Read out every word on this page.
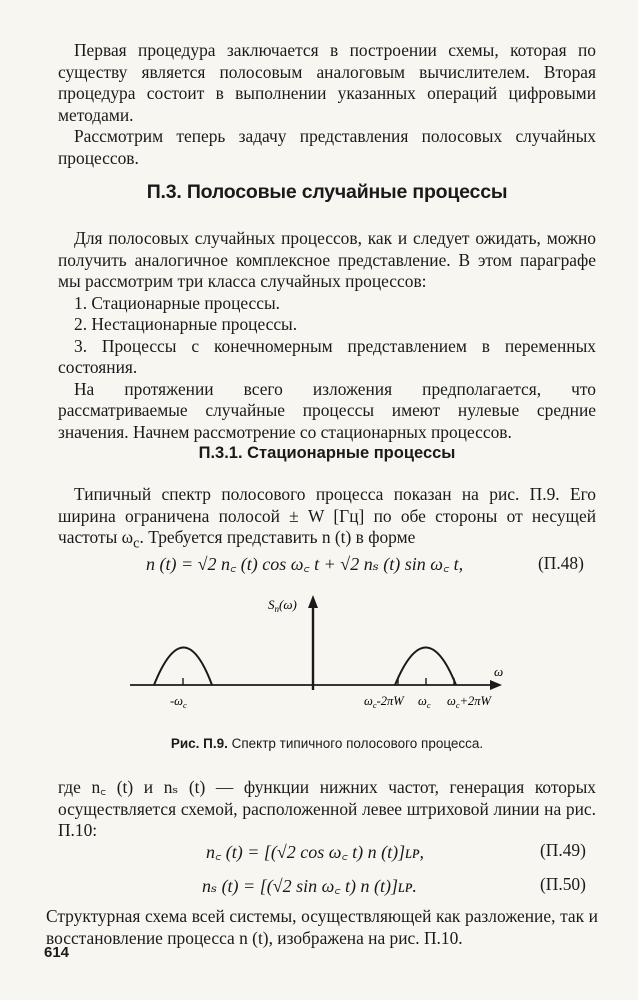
Первая процедура заключается в построении схемы, которая по существу является полосовым аналоговым вычислителем. Вторая процедура состоит в выполнении указанных операций цифровыми методами.

Рассмотрим теперь задачу представления полосовых случайных процессов.

П.3. Полосовые случайные процессы

Для полосовых случайных процессов, как и следует ожидать, можно получить аналогичное комплексное представление. В этом параграфе мы рассмотрим три класса случайных процессов:

1. Стационарные процессы.

2. Нестационарные процессы.

3. Процессы с конечномерным представлением в переменных состояния.

На протяжении всего изложения предполагается, что рассматриваемые случайные процессы имеют нулевые средние значения. Начнем рассмотрение со стационарных процессов.

П.3.1. Стационарные процессы

Типичный спектр полосового процесса показан на рис. П.9. Его ширина ограничена полосой ± W [Гц] по обе стороны от несущей частоты $\omega_c$. Требуется представить n (t) в форме

n (t) = √2 n꜀ (t) cos ω꜀ t + √2 nₛ (t) sin ω꜀ t,	(П.48)
$S_n(\omega)$
ω
$-\omega_c$	$\omega_c-2\pi W$ $\omega_c$ $\omega_c+2\pi W$
Рис. П.9. Спектр типичного полосового процесса.

где n꜀ (t) и nₛ (t) — функции нижних частот, генерация которых осуществляется схемой, расположенной левее штриховой линии на рис. П.10:

n꜀ (t) = [(√2 cos ω꜀ t) n (t)]ʟᴘ,	(П.49)
nₛ (t) = [(√2 sin ω꜀ t) n (t)]ʟᴘ.	(П.50)

Структурная схема всей системы, осуществляющей как разложение, так и восстановление процесса n (t), изображена на рис. П.10.

614
